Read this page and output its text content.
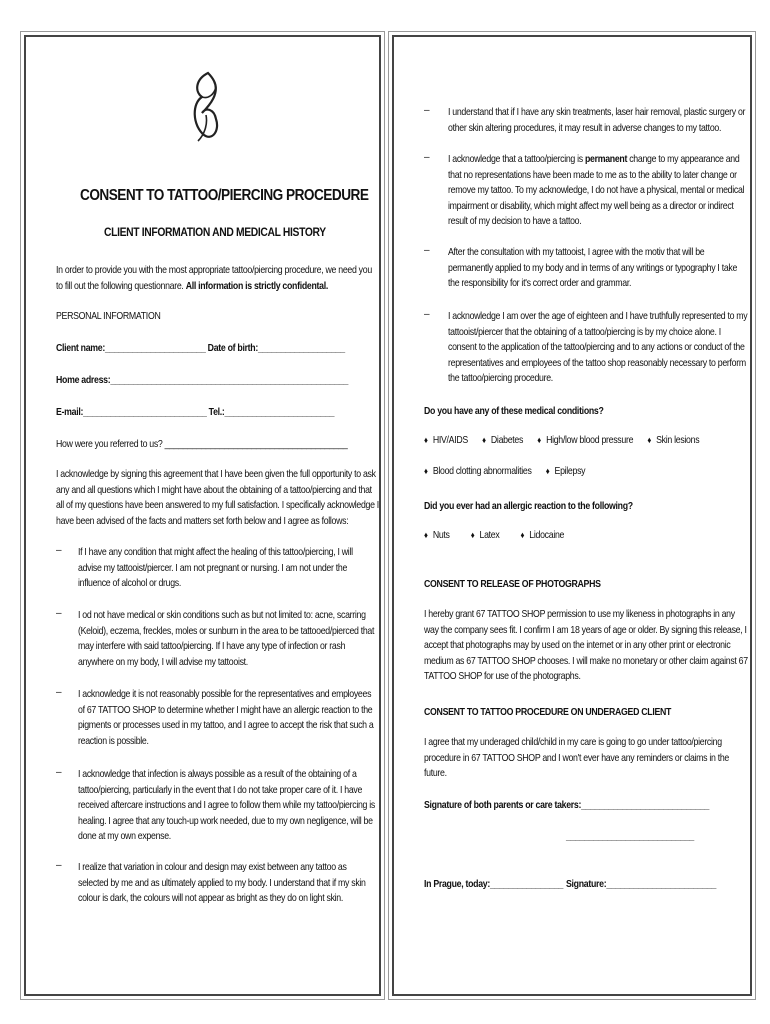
CONSENT TO TATTOO/PIERCING PROCEDURE
CLIENT INFORMATION AND MEDICAL HISTORY
In order to provide you with the most appropriate tattoo/piercing procedure, we need you
to fill out the following questionnare. All information is strictly confidental.
PERSONAL INFORMATION
Client name:______________________ Date of birth:___________________
Home adress:____________________________________________________
E-mail:___________________________ Tel.:________________________
How were you referred to us? ________________________________________
I acknowledge by signing this agreement that I have been given the full opportunity to ask
any and all questions which I might have about the obtaining of a tattoo/piercing and that
all of my questions have been answered to my full satisfaction. I specifically acknowledge I
have been advised of the facts and matters set forth below and I agree as follows:
– If I have any condition that might affect the healing of this tattoo/piercing, I will
advise my tattooist/piercer. I am not pregnant or nursing. I am not under the
influence of alcohol or drugs.
– I od not have medical or skin conditions such as but not limited to: acne, scarring
(Keloid), eczema, freckles, moles or sunburn in the area to be tattooed/pierced that
may interfere with said tattoo/piercing. If I have any type of infection or rash
anywhere on my body, I will advise my tattooist.
– I acknowledge it is not reasonably possible for the representatives and employees
of 67 TATTOO SHOP to determine whether I might have an allergic reaction to the
pigments or processes used in my tattoo, and I agree to accept the risk that such a
reaction is possible.
– I acknowledge that infection is always possible as a result of the obtaining of a
tattoo/piercing, particularly in the event that I do not take proper care of it. I have
received aftercare instructions and I agree to follow them while my tattoo/piercing is
healing. I agree that any touch-up work needed, due to my own negligence, will be
done at my own expense.
– I realize that variation in colour and design may exist between any tattoo as
selected by me and as ultimately applied to my body. I understand that if my skin
colour is dark, the colours will not appear as bright as they do on light skin.
– I understand that if I have any skin treatments, laser hair removal, plastic surgery or
other skin altering procedures, it may result in adverse changes to my tattoo.
– I acknowledge that a tattoo/piercing is permanent change to my appearance and
that no representations have been made to me as to the ability to later change or
remove my tattoo. To my acknowledge, I do not have a physical, mental or medical
impairment or disability, which might affect my well being as a director or indirect
result of my decision to have a tattoo.
– After the consultation with my tattooist, I agree with the motiv that will be
permanently applied to my body and in terms of any writings or typography I take
the responsibility for it's correct order and grammar.
– I acknowledge I am over the age of eighteen and I have truthfully represented to my
tattooist/piercer that the obtaining of a tattoo/piercing is by my choice alone. I
consent to the application of the tattoo/piercing and to any actions or conduct of the
representatives and employees of the tattoo shop reasonably necessary to perform
the tattoo/piercing procedure.
Do you have any of these medical conditions?
♦ HIV/AIDS ♦ Diabetes ♦ High/low blood pressure ♦ Skin lesions
♦ Blood clotting abnormalities ♦ Epilepsy
Did you ever had an allergic reaction to the following?
♦ Nuts ♦ Latex ♦ Lidocaine
CONSENT TO RELEASE OF PHOTOGRAPHS
I hereby grant 67 TATTOO SHOP permission to use my likeness in photographs in any
way the company sees fit. I confirm I am 18 years of age or older. By signing this release, I
accept that photographs may by used on the internet or in any other print or electronic
medium as 67 TATTOO SHOP chooses. I will make no monetary or other claim against 67
TATTOO SHOP for use of the photographs.
CONSENT TO TATTOO PROCEDURE ON UNDERAGED CLIENT
I agree that my underaged child/child in my care is going to go under tattoo/piercing
procedure in 67 TATTOO SHOP and I won't ever have any reminders or claims in the
future.
Signature of both parents or care takers:____________________________
____________________________
In Prague, today:________________ Signature:________________________
